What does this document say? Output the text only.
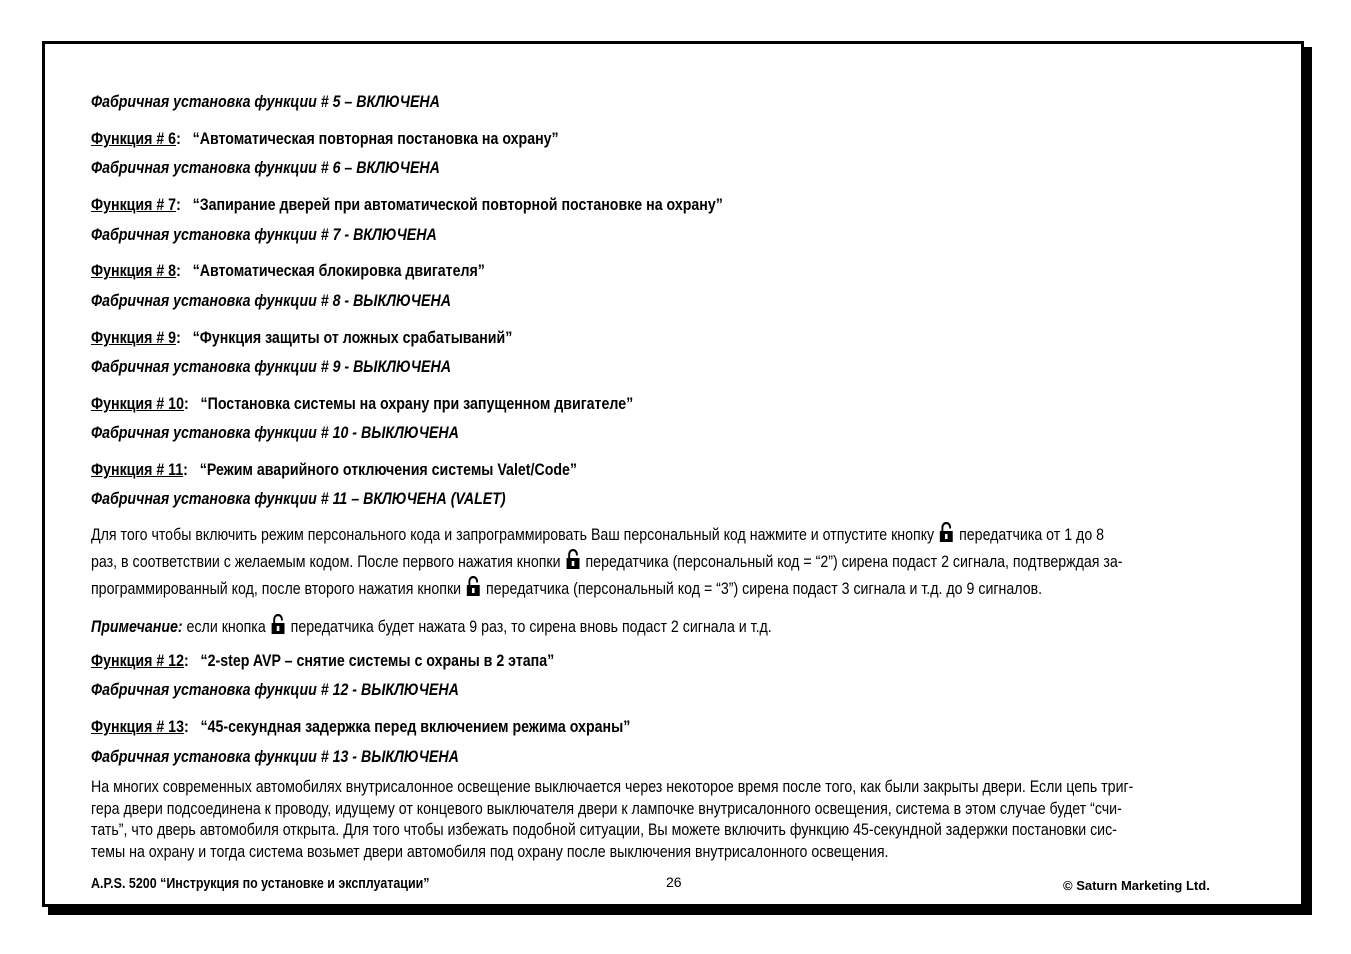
Фабричная установка функции # 5 – ВКЛЮЧЕНА
Функция # 6:   “Автоматическая повторная постановка на охрану”
Фабричная установка функции # 6 – ВКЛЮЧЕНА
Функция # 7:   “Запирание дверей при автоматической повторной постановке на охрану”
Фабричная установка функции # 7 - ВКЛЮЧЕНА
Функция # 8:   “Автоматическая блокировка двигателя”
Фабричная установка функции # 8 - ВЫКЛЮЧЕНА
Функция # 9:   “Функция защиты от ложных срабатываний”
Фабричная установка функции # 9 - ВЫКЛЮЧЕНА
Функция # 10:   “Постановка системы на охрану при запущенном двигателе”
Фабричная установка функции # 10 - ВЫКЛЮЧЕНА
Функция # 11:   “Режим аварийного отключения системы Valet/Code”
Фабричная установка функции # 11 – ВКЛЮЧЕНА (VALET)
Для того чтобы включить режим персонального кода и запрограммировать Ваш персональный код нажмите и отпустите кнопку передатчика от 1 до 8
раз, в соответствии с желаемым кодом. После первого нажатия кнопки передатчика (персональный код = “2”) сирена подаст 2 сигнала, подтверждая за-
программированный код, после второго нажатия кнопки передатчика (персональный код = “3”) сирена подаст 3 сигнала и т.д. до 9 сигналов.
Примечание: если кнопка передатчика будет нажата 9 раз, то сирена вновь подаст 2 сигнала и т.д.
Функция # 12:   “2-step AVP – снятие системы с охраны в 2 этапа”
Фабричная установка функции # 12 - ВЫКЛЮЧЕНА
Функция # 13:   “45-секундная задержка перед включением режима охраны”
Фабричная установка функции # 13 - ВЫКЛЮЧЕНА
На многих современных автомобилях внутрисалонное освещение выключается через некоторое время после того, как были закрыты двери. Если цепь триг-
гера двери подсоединена к проводу, идущему от концевого выключателя двери к лампочке внутрисалонного освещения, система в этом случае будет “счи-
тать”, что дверь автомобиля открыта. Для того чтобы избежать подобной ситуации, Вы можете включить функцию 45-секундной задержки постановки сис-
темы на охрану и тогда система возьмет двери автомобиля под охрану после выключения внутрисалонного освещения.
A.P.S. 5200 “Инструкция по установке и эксплуатации”	26	© Saturn Marketing Ltd.
